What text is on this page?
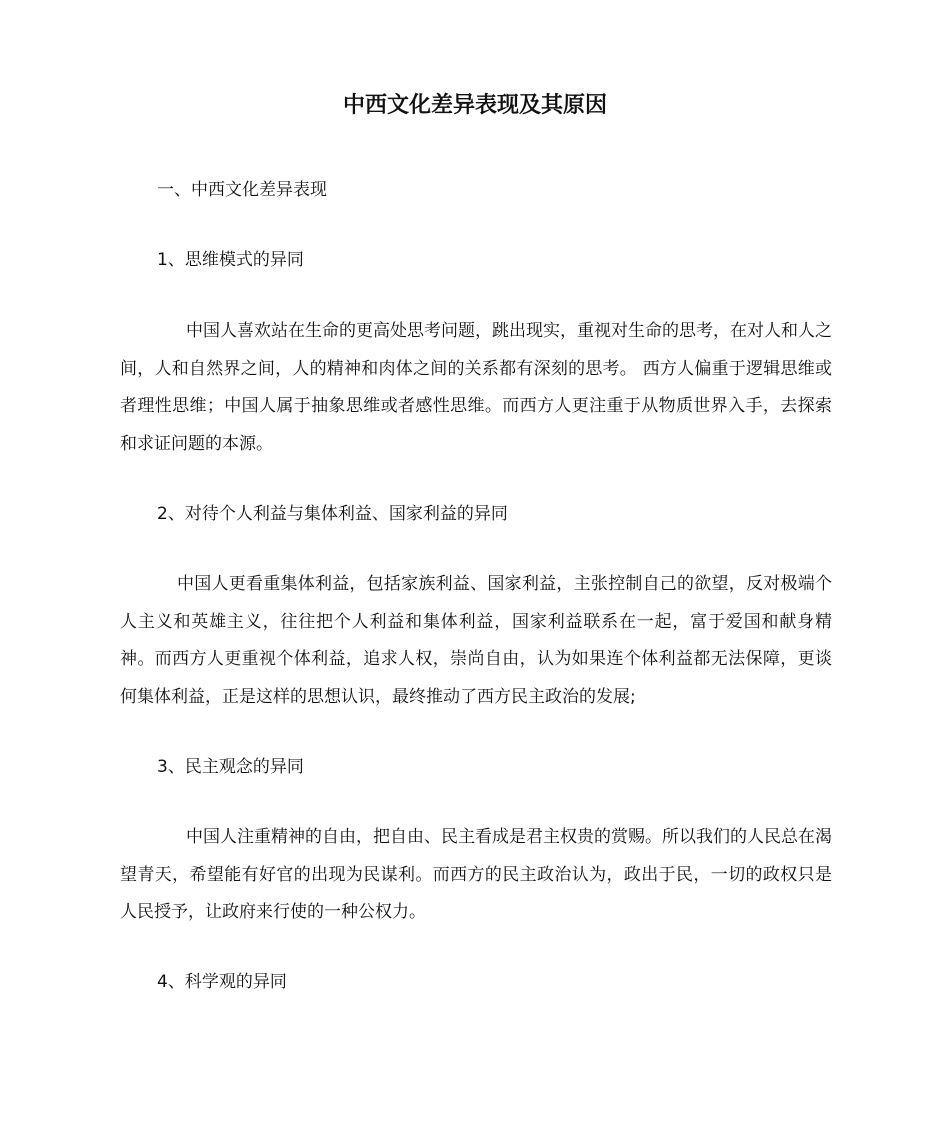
中西文化差异表现及其原因
一、中西文化差异表现
1、思维模式的异同
中国人喜欢站在生命的更高处思考问题，跳出现实，重视对生命的思考，在对人和人之间，人和自然界之间，人的精神和肉体之间的关系都有深刻的思考。 西方人偏重于逻辑思维或者理性思维；中国人属于抽象思维或者感性思维。而西方人更注重于从物质世界入手，去探索和求证问题的本源。
2、对待个人利益与集体利益、国家利益的异同
中国人更看重集体利益，包括家族利益、国家利益，主张控制自己的欲望，反对极端个人主义和英雄主义，往往把个人利益和集体利益，国家利益联系在一起，富于爱国和献身精神。而西方人更重视个体利益，追求人权，崇尚自由，认为如果连个体利益都无法保障，更谈何集体利益，正是这样的思想认识，最终推动了西方民主政治的发展;
3、民主观念的异同
中国人注重精神的自由，把自由、民主看成是君主权贵的赏赐。所以我们的人民总在渴望青天，希望能有好官的出现为民谋利。而西方的民主政治认为，政出于民，一切的政权只是人民授予，让政府来行使的一种公权力。
4、科学观的异同
